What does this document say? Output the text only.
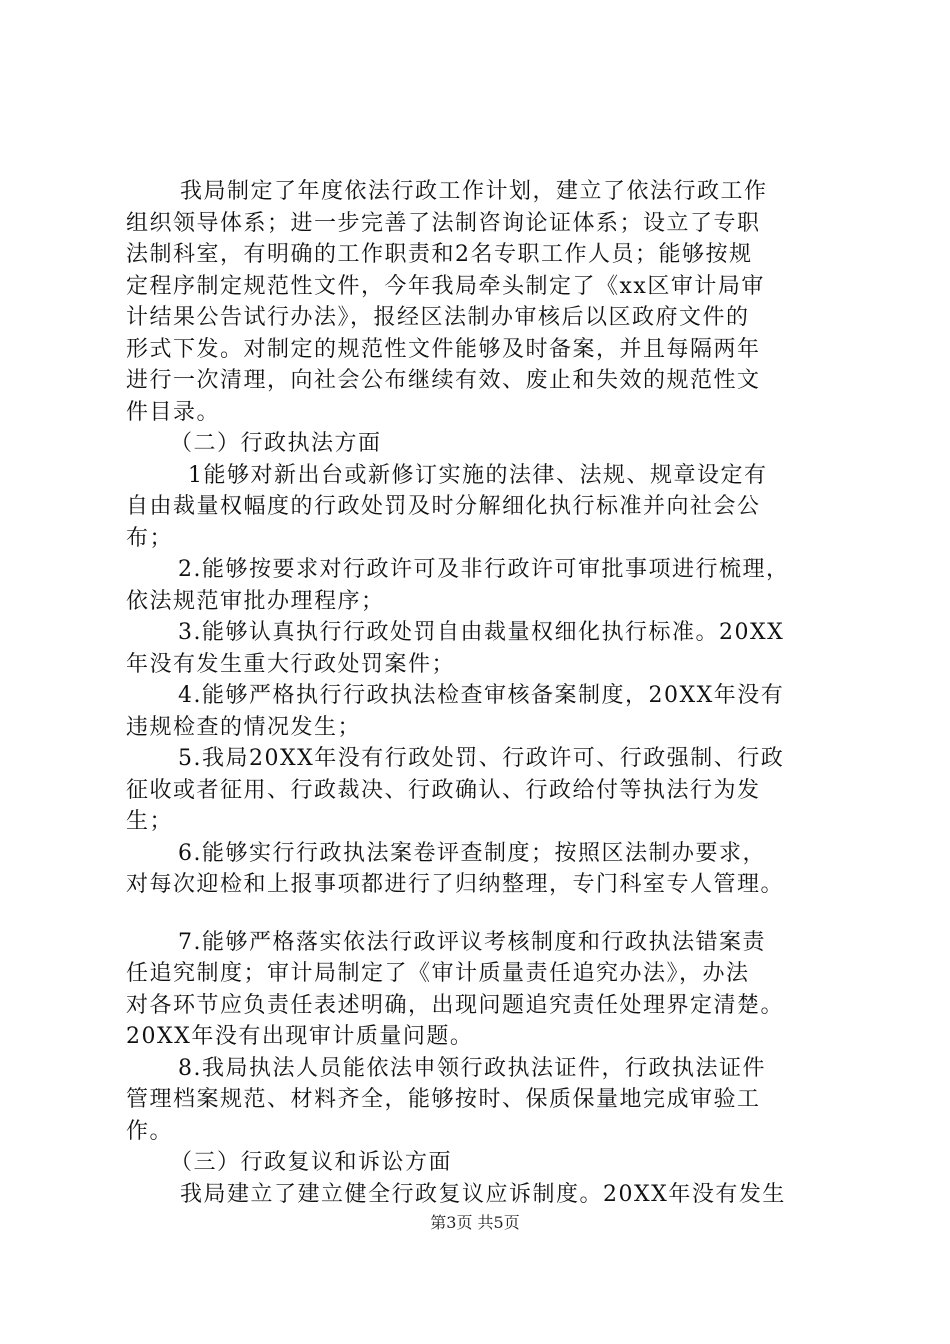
我局制定了年度依法行政工作计划，建立了依法行政工作
组织领导体系；进一步完善了法制咨询论证体系；设立了专职
法制科室，有明确的工作职责和2名专职工作人员；能够按规
定程序制定规范性文件，今年我局牵头制定了《xx区审计局审
计结果公告试行办法》，报经区法制办审核后以区政府文件的
形式下发。对制定的规范性文件能够及时备案，并且每隔两年
进行一次清理，向社会公布继续有效、废止和失效的规范性文
件目录。
（二）行政执法方面
1能够对新出台或新修订实施的法律、法规、规章设定有
自由裁量权幅度的行政处罚及时分解细化执行标准并向社会公
布；
2.能够按要求对行政许可及非行政许可审批事项进行梳理，
依法规范审批办理程序；
3.能够认真执行行政处罚自由裁量权细化执行标准。20XX
年没有发生重大行政处罚案件；
4.能够严格执行行政执法检查审核备案制度，20XX年没有
违规检查的情况发生；
5.我局20XX年没有行政处罚、行政许可、行政强制、行政
征收或者征用、行政裁决、行政确认、行政给付等执法行为发
生；
6.能够实行行政执法案卷评查制度；按照区法制办要求，
对每次迎检和上报事项都进行了归纳整理，专门科室专人管理。
7.能够严格落实依法行政评议考核制度和行政执法错案责
任追究制度；审计局制定了《审计质量责任追究办法》，办法
对各环节应负责任表述明确，出现问题追究责任处理界定清楚。
20XX年没有出现审计质量问题。
8.我局执法人员能依法申领行政执法证件，行政执法证件
管理档案规范、材料齐全，能够按时、保质保量地完成审验工
作。
（三）行政复议和诉讼方面
我局建立了建立健全行政复议应诉制度。20XX年没有发生
第3页 共5页
